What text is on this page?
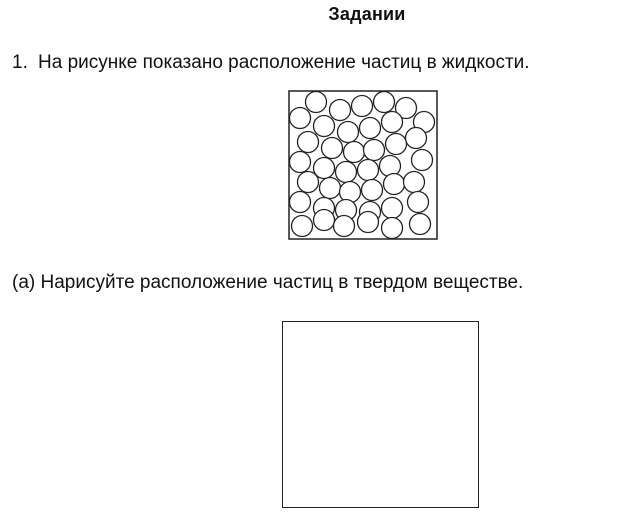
Задании
1. На рисунке показано расположение частиц в жидкости.
(а) Нарисуйте расположение частиц в твердом веществе.
